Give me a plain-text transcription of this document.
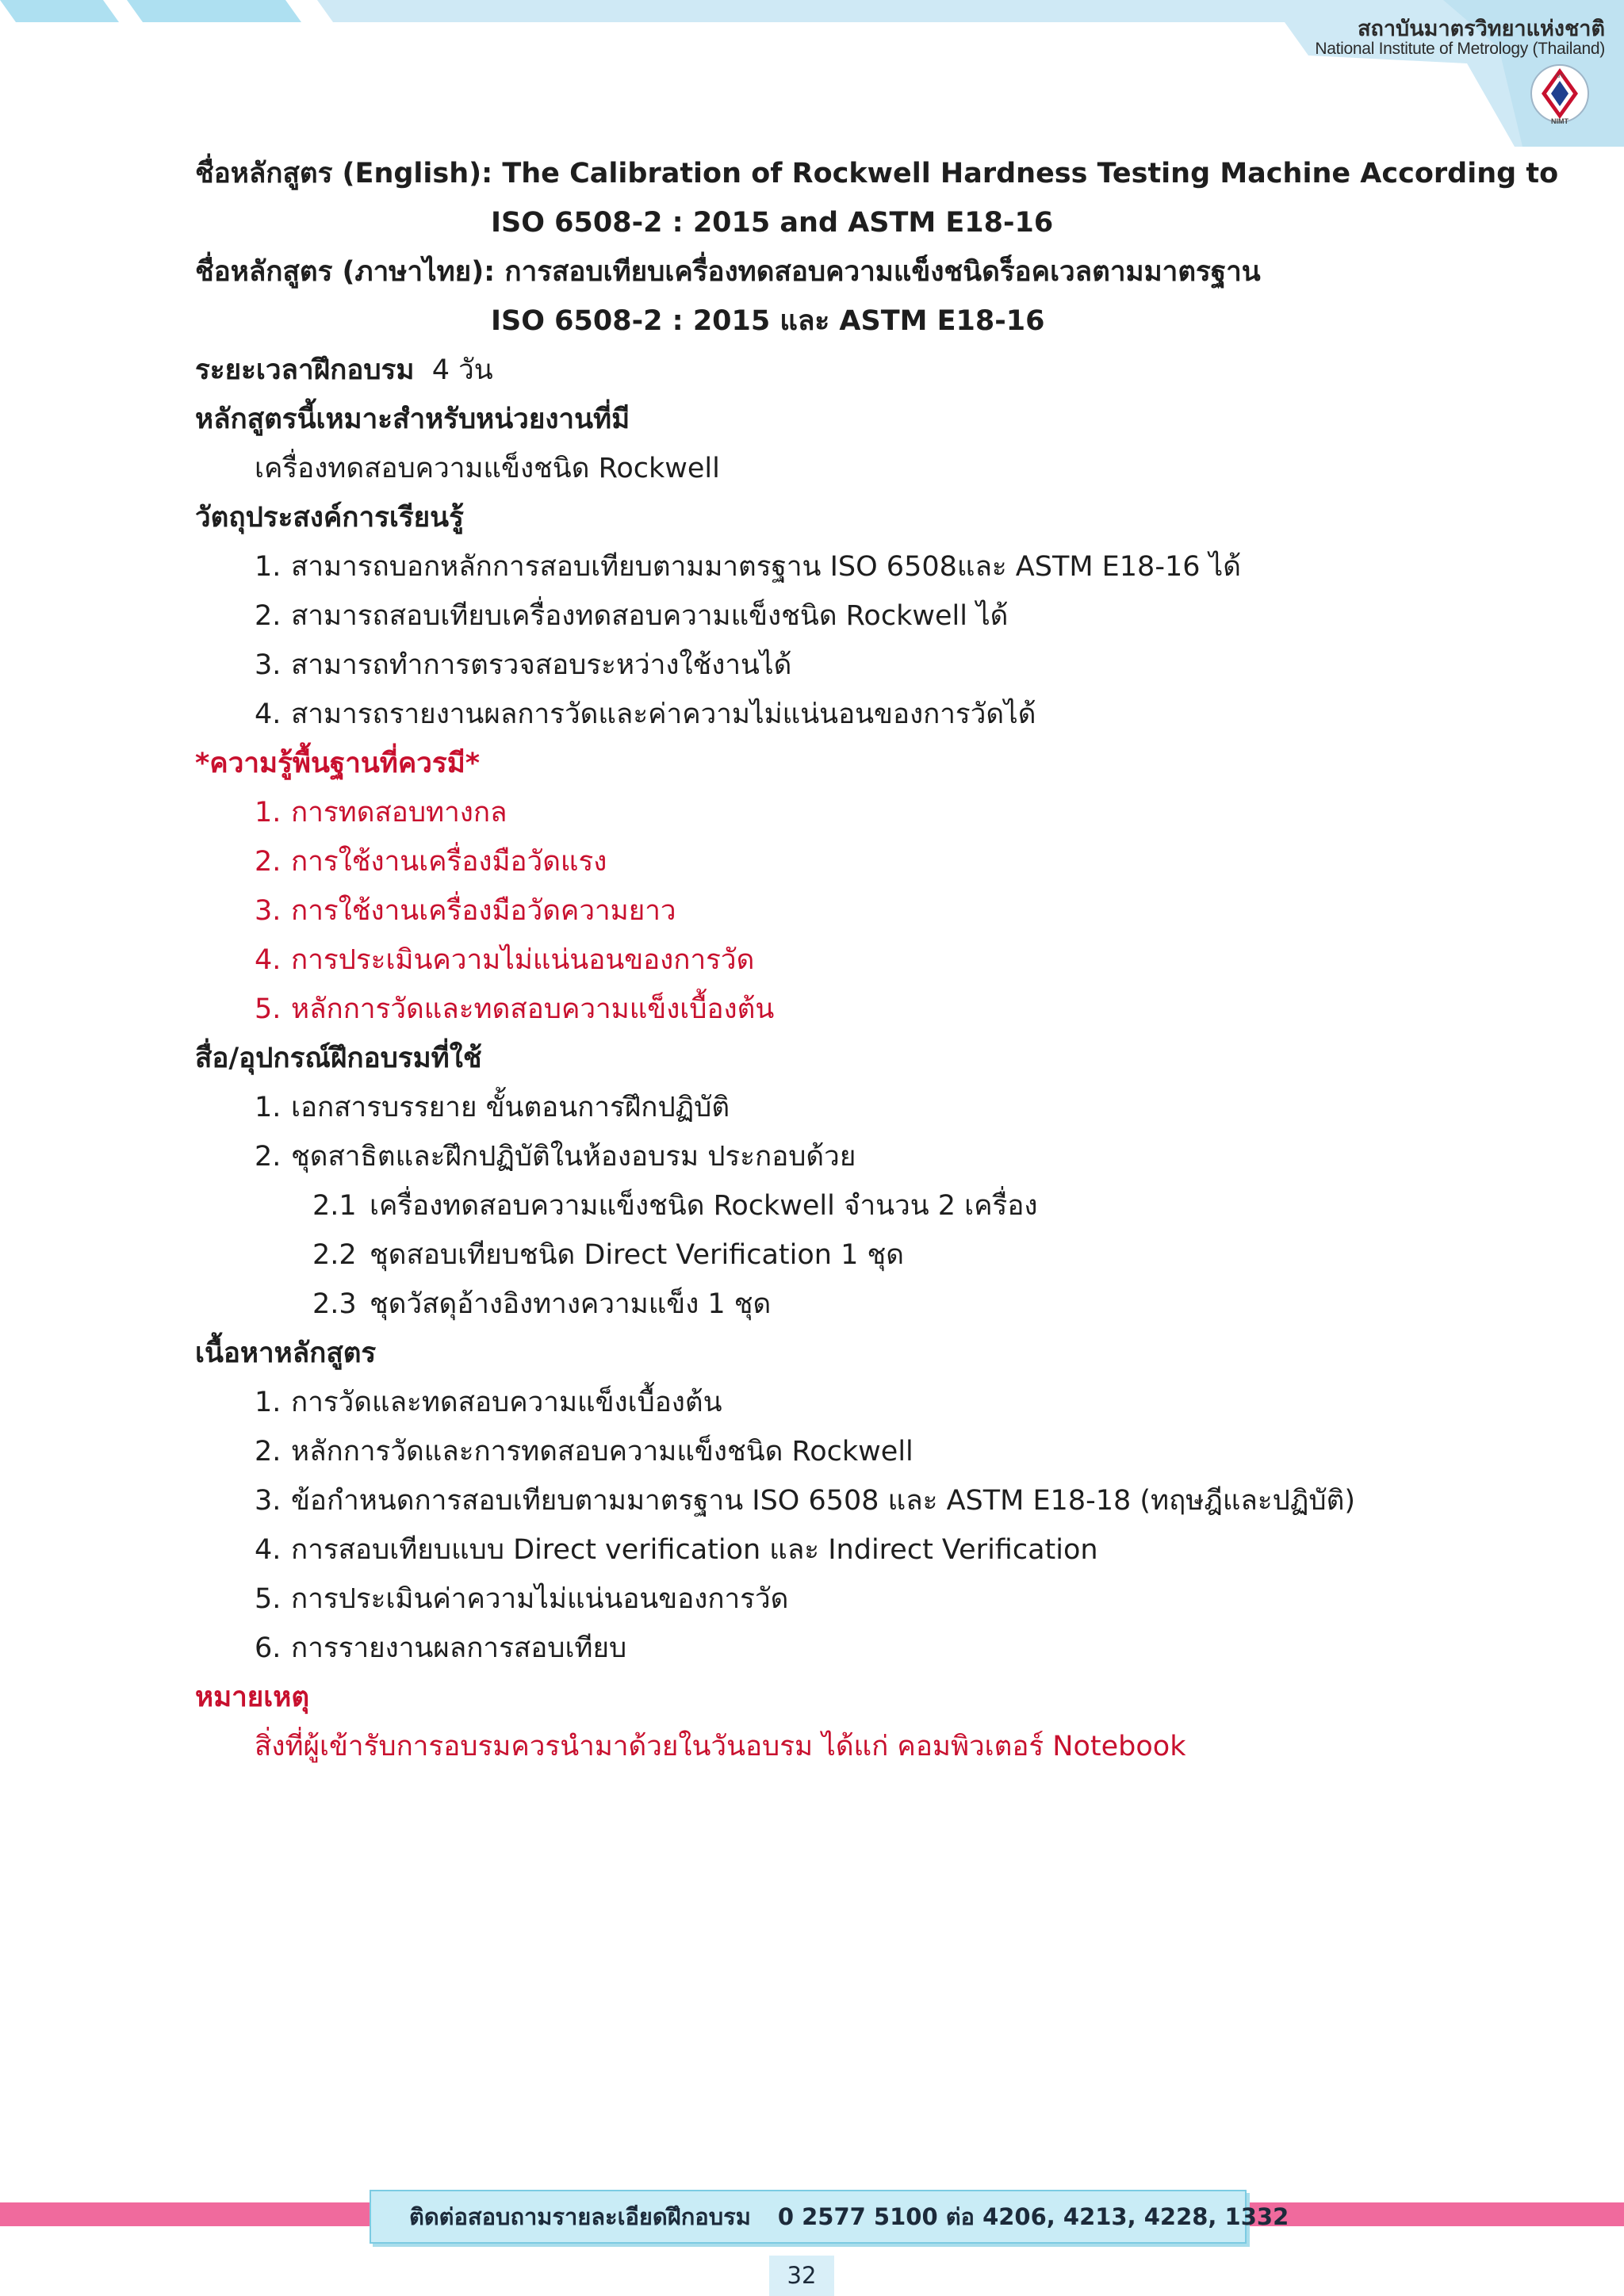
สถาบันมาตรวิทยาแห่งชาติ
National Institute of Metrology (Thailand)
มว
NIMT
ชื่อหลักสูตร (English): The Calibration of Rockwell Hardness Testing Machine According to
ISO 6508-2 : 2015 and ASTM E18-16
ชื่อหลักสูตร (ภาษาไทย): การสอบเทียบเครื่องทดสอบความแข็งชนิดร็อคเวลตามมาตรฐาน
ISO 6508-2 : 2015 และ ASTM E18-16
ระยะเวลาฝึกอบรม 4 วัน
หลักสูตรนี้เหมาะสำหรับหน่วยงานที่มี
เครื่องทดสอบความแข็งชนิด Rockwell
วัตถุประสงค์การเรียนรู้
1. สามารถบอกหลักการสอบเทียบตามมาตรฐาน ISO 6508และ ASTM E18-16 ได้
2. สามารถสอบเทียบเครื่องทดสอบความแข็งชนิด Rockwell ได้
3. สามารถทำการตรวจสอบระหว่างใช้งานได้
4. สามารถรายงานผลการวัดและค่าความไม่แน่นอนของการวัดได้
*ความรู้พื้นฐานที่ควรมี*
1. การทดสอบทางกล
2. การใช้งานเครื่องมือวัดแรง
3. การใช้งานเครื่องมือวัดความยาว
4. การประเมินความไม่แน่นอนของการวัด
5. หลักการวัดและทดสอบความแข็งเบื้องต้น
สื่อ/อุปกรณ์ฝึกอบรมที่ใช้
1. เอกสารบรรยาย ขั้นตอนการฝึกปฏิบัติ
2. ชุดสาธิตและฝึกปฏิบัติในห้องอบรม ประกอบด้วย
2.1 เครื่องทดสอบความแข็งชนิด Rockwell จำนวน 2 เครื่อง
2.2 ชุดสอบเทียบชนิด Direct Verification 1 ชุด
2.3 ชุดวัสดุอ้างอิงทางความแข็ง 1 ชุด
เนื้อหาหลักสูตร
1. การวัดและทดสอบความแข็งเบื้องต้น
2. หลักการวัดและการทดสอบความแข็งชนิด Rockwell
3. ข้อกำหนดการสอบเทียบตามมาตรฐาน ISO 6508 และ ASTM E18-18 (ทฤษฎีและปฏิบัติ)
4. การสอบเทียบแบบ Direct verification และ Indirect Verification
5. การประเมินค่าความไม่แน่นอนของการวัด
6. การรายงานผลการสอบเทียบ
หมายเหตุ
สิ่งที่ผู้เข้ารับการอบรมควรนำมาด้วยในวันอบรม ได้แก่ คอมพิวเตอร์ Notebook
ติดต่อสอบถามรายละเอียดฝึกอบรม 0 2577 5100 ต่อ 4206, 4213, 4228, 1332
32
